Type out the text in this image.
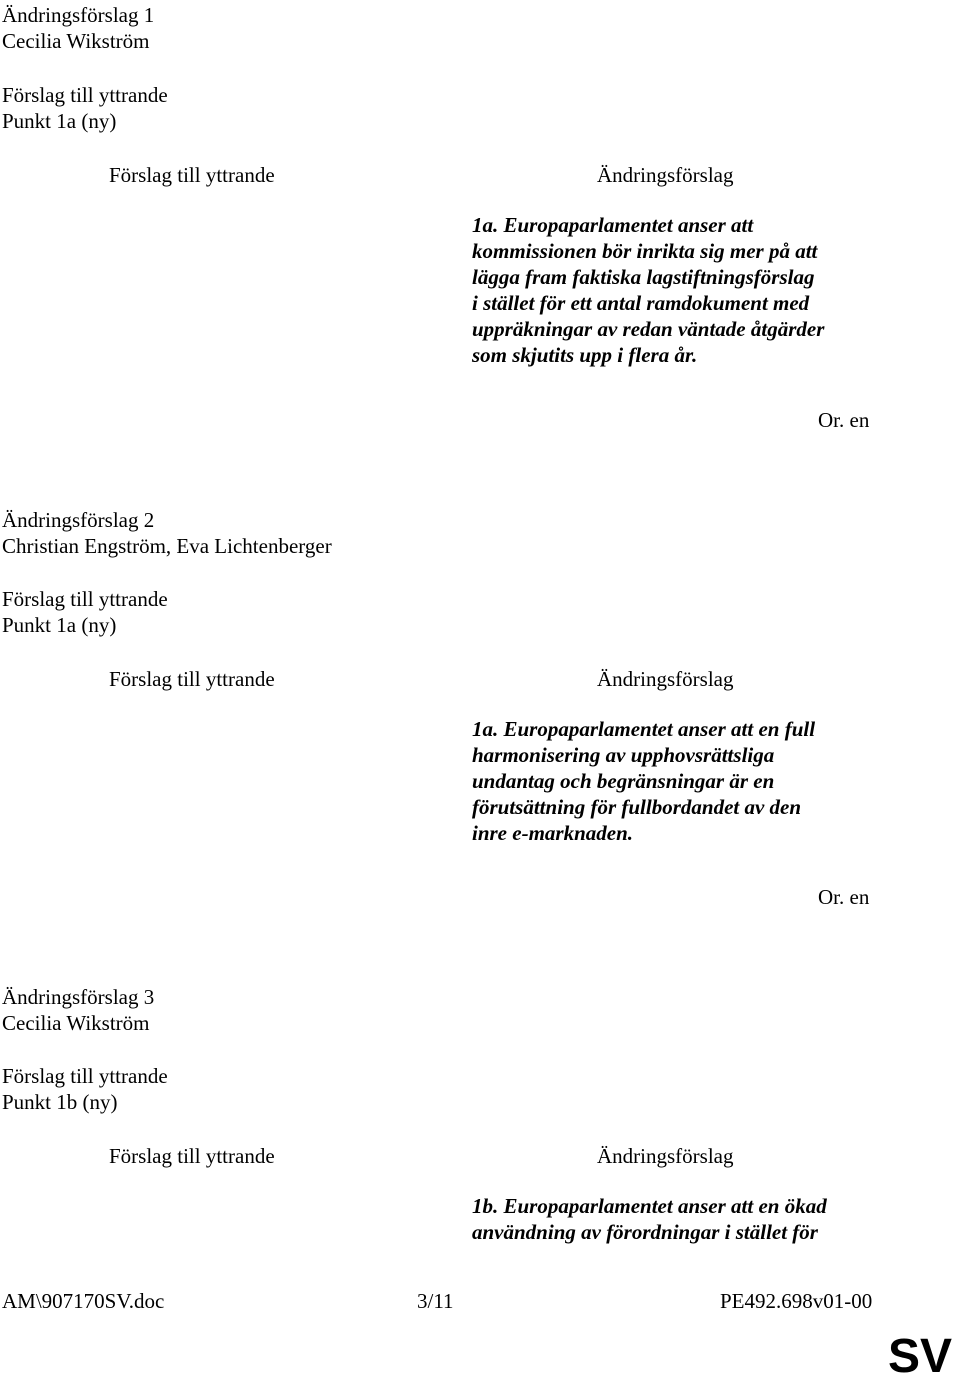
Ändringsförslag 1
Cecilia Wikström
Förslag till yttrande
Punkt 1a (ny)
Förslag till yttrande	Ändringsförslag
1a. Europaparlamentet anser att
kommissionen bör inrikta sig mer på att
lägga fram faktiska lagstiftningsförslag
i stället för ett antal ramdokument med
uppräkningar av redan väntade åtgärder
som skjutits upp i flera år.
Or. en
Ändringsförslag 2
Christian Engström, Eva Lichtenberger
Förslag till yttrande
Punkt 1a (ny)
Förslag till yttrande	Ändringsförslag
1a. Europaparlamentet anser att en full
harmonisering av upphovsrättsliga
undantag och begränsningar är en
förutsättning för fullbordandet av den
inre e-marknaden.
Or. en
Ändringsförslag 3
Cecilia Wikström
Förslag till yttrande
Punkt 1b (ny)
Förslag till yttrande	Ändringsförslag
1b. Europaparlamentet anser att en ökad
användning av förordningar i stället för
AM\907170SV.doc	3/11	PE492.698v01-00
SV
